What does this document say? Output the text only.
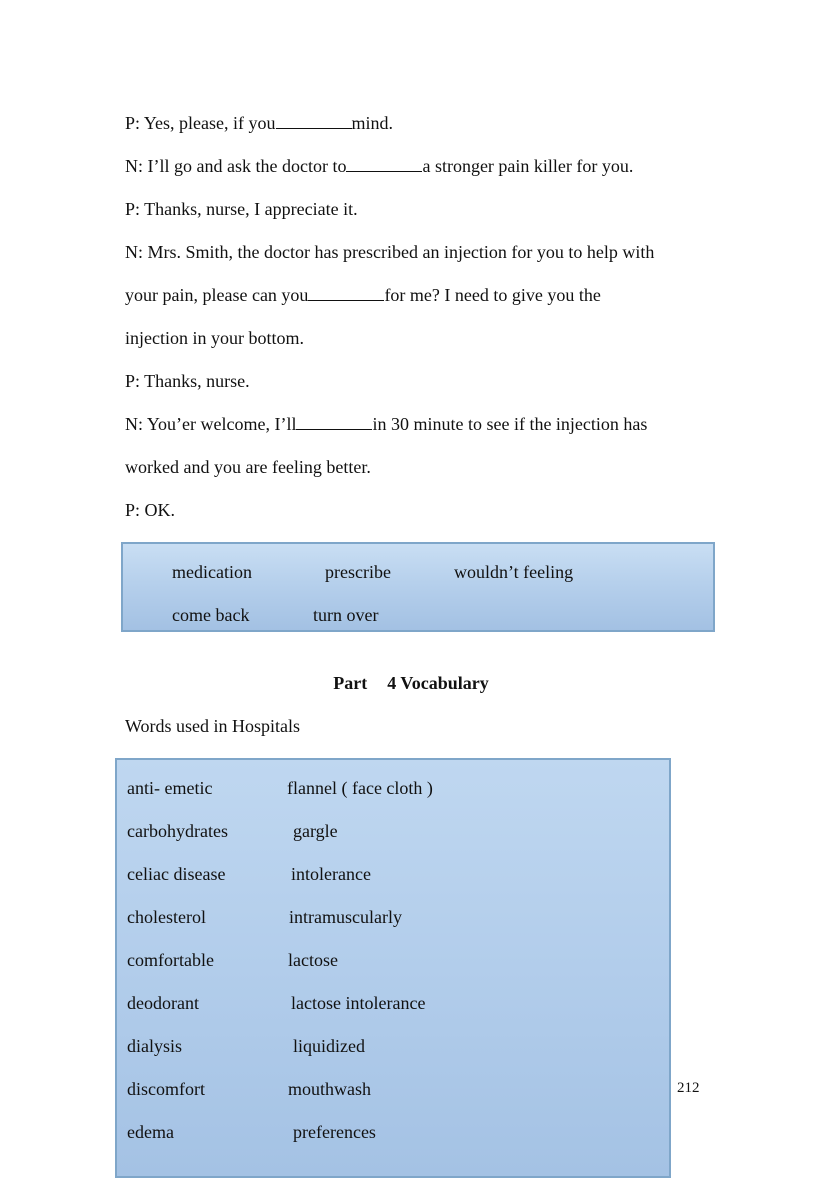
P: Yes, please, if you	mind.
N: I’ll go and ask the doctor to	a stronger pain killer for you.
P: Thanks, nurse, I appreciate it.
N: Mrs. Smith, the doctor has prescribed an injection for you to help with
your pain, please can you	for me? I need to give you the
injection in your bottom.
P: Thanks, nurse.
N: You’er welcome, I’ll	in 30 minute to see if the injection has
worked and you are feeling better.
P: OK.
medication	prescribe	wouldn’t feeling
come back	turn over
Part 4 Vocabulary
Words used in Hospitals
anti- emetic	flannel ( face cloth )
carbohydrates	gargle
celiac disease	intolerance
cholesterol	intramuscularly
comfortable	lactose
deodorant	lactose intolerance
dialysis	liquidized
discomfort	mouthwash
edema	preferences
212
